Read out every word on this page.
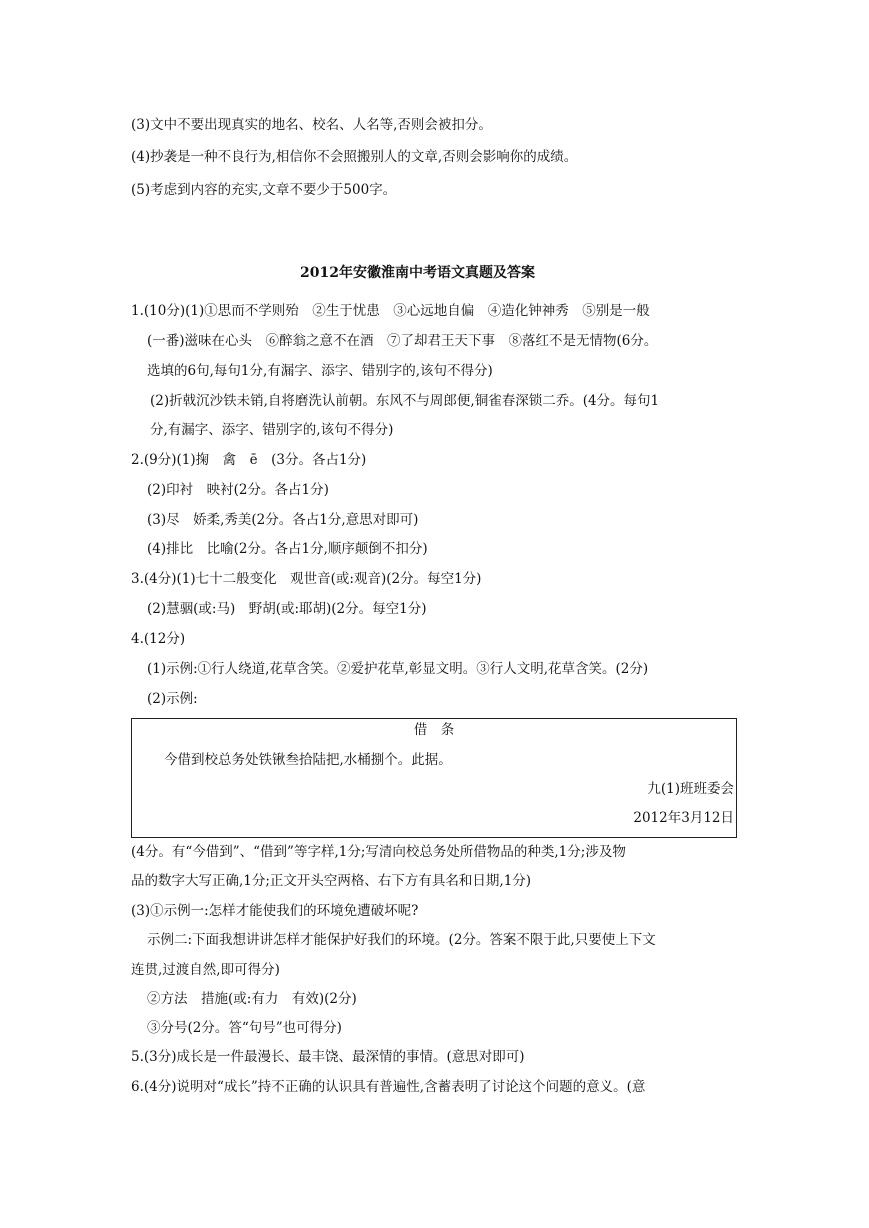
(3)文中不要出现真实的地名、校名、人名等,否则会被扣分。
(4)抄袭是一种不良行为,相信你不会照搬别人的文章,否则会影响你的成绩。
(5)考虑到内容的充实,文章不要少于500字。
2012年安徽淮南中考语文真题及答案
1.(10分)(1)①思而不学则殆　②生于忧患　③心远地自偏　④造化钟神秀　⑤别是一般
(一番)滋味在心头　⑥醉翁之意不在酒　⑦了却君王天下事　⑧落红不是无情物(6分。
选填的6句,每句1分,有漏字、添字、错别字的,该句不得分)
(2)折戟沉沙铁未销,自将磨洗认前朝。东风不与周郎便,铜雀春深锁二乔。(4分。每句1
分,有漏字、添字、错别字的,该句不得分)
2.(9分)(1)掬　禽　ē　(3分。各占1分)
(2)印衬　映衬(2分。各占1分)
(3)尽　娇柔,秀美(2分。各占1分,意思对即可)
(4)排比　比喻(2分。各占1分,顺序颠倒不扣分)
3.(4分)(1)七十二般变化　观世音(或:观音)(2分。每空1分)
(2)慧骃(或:马)　野胡(或:耶胡)(2分。每空1分)
4.(12分)
(1)示例:①行人绕道,花草含笑。②爱护花草,彰显文明。③行人文明,花草含笑。(2分)
(2)示例:
借　条
今借到校总务处铁锹叁拾陆把,水桶捌个。此据。
九(1)班班委会
2012年3月12日
(4分。有“今借到”、“借到”等字样,1分;写清向校总务处所借物品的种类,1分;涉及物
品的数字大写正确,1分;正文开头空两格、右下方有具名和日期,1分)
(3)①示例一:怎样才能使我们的环境免遭破坏呢?
示例二:下面我想讲讲怎样才能保护好我们的环境。(2分。答案不限于此,只要使上下文
连贯,过渡自然,即可得分)
②方法　措施(或:有力　有效)(2分)
③分号(2分。答“句号”也可得分)
5.(3分)成长是一件最漫长、最丰饶、最深情的事情。(意思对即可)
6.(4分)说明对“成长”持不正确的认识具有普遍性,含蓄表明了讨论这个问题的意义。(意
